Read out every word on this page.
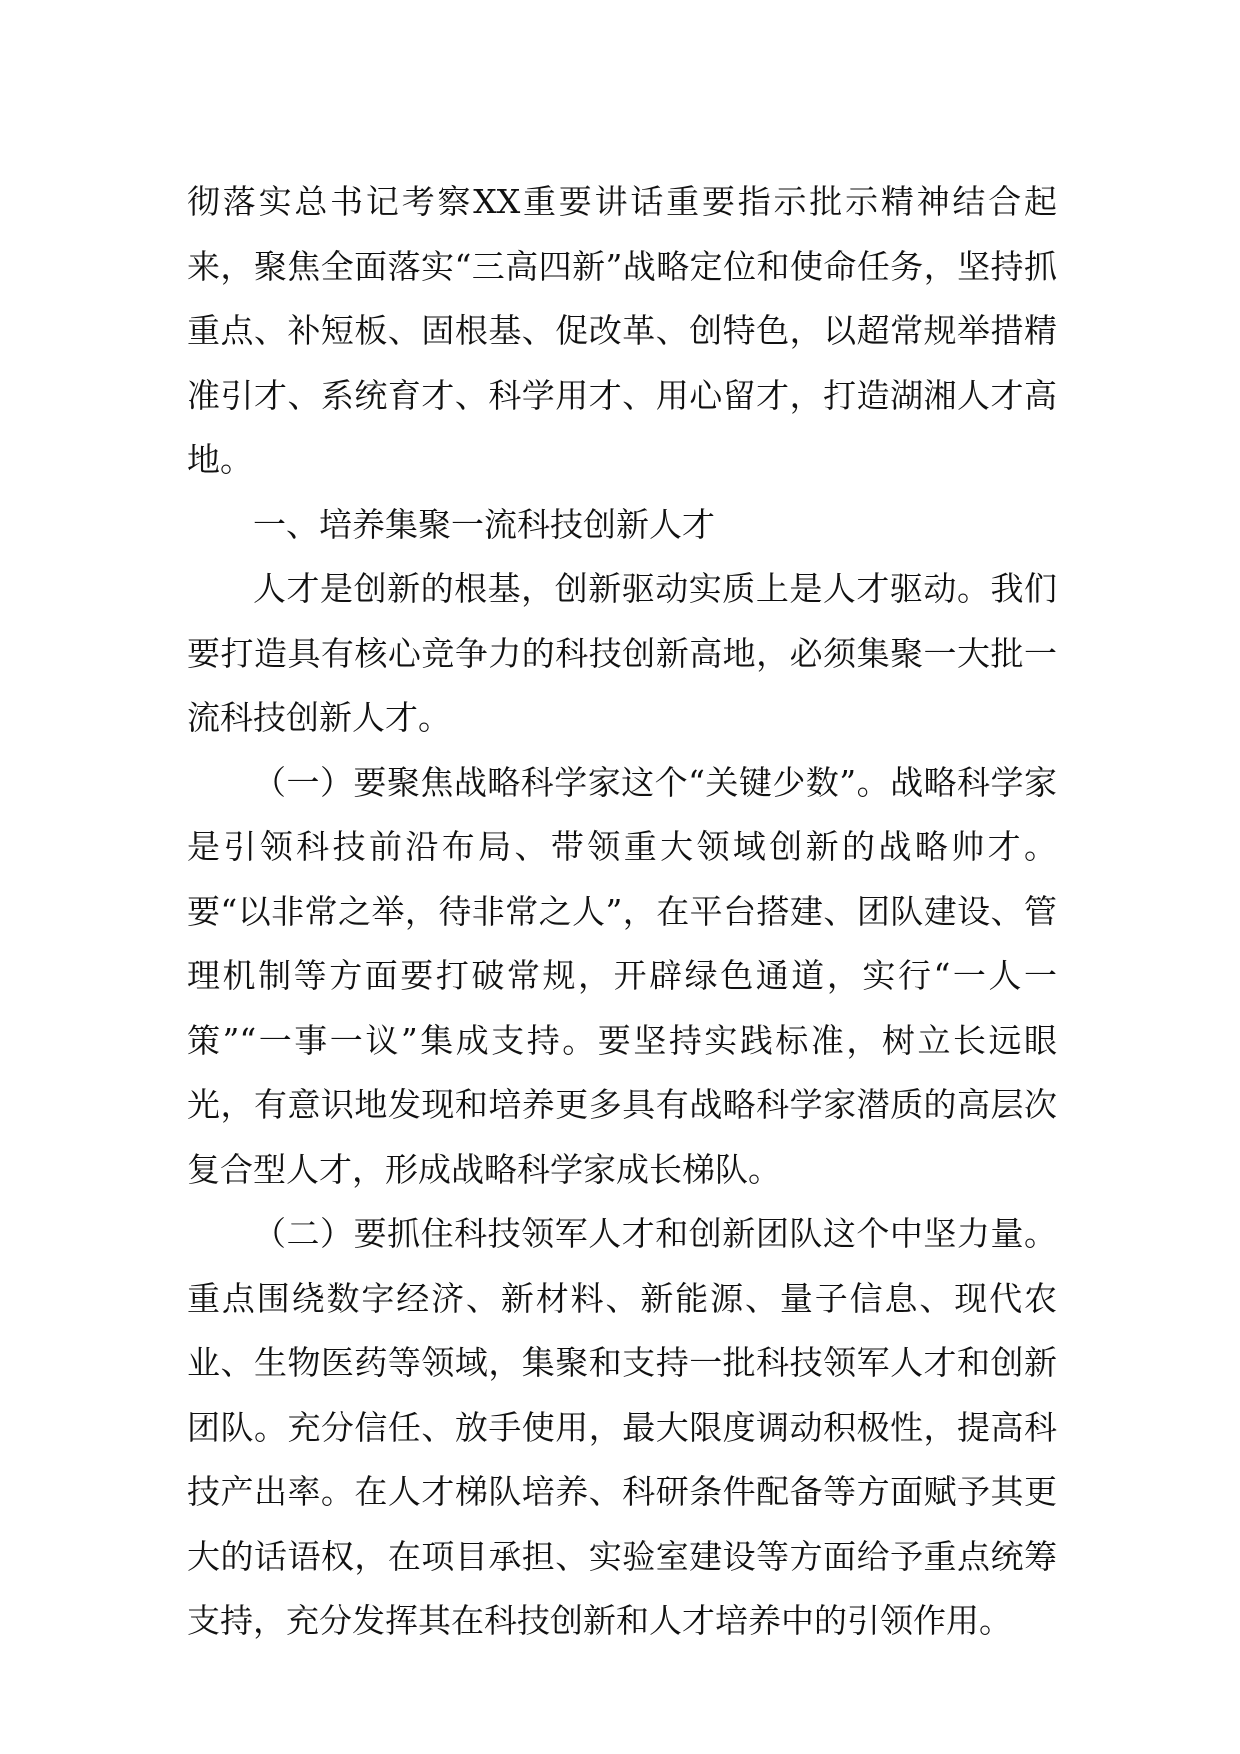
彻落实总书记考察XX重要讲话重要指示批示精神结合起来，聚焦全面落实“三高四新”战略定位和使命任务，坚持抓重点、补短板、固根基、促改革、创特色，以超常规举措精准引才、系统育才、科学用才、用心留才，打造湖湘人才高地。

一、培养集聚一流科技创新人才

人才是创新的根基，创新驱动实质上是人才驱动。我们要打造具有核心竞争力的科技创新高地，必须集聚一大批一流科技创新人才。

（一）要聚焦战略科学家这个“关键少数”。战略科学家是引领科技前沿布局、带领重大领域创新的战略帅才。要“以非常之举，待非常之人”，在平台搭建、团队建设、管理机制等方面要打破常规，开辟绿色通道，实行“一人一策”“一事一议”集成支持。要坚持实践标准，树立长远眼光，有意识地发现和培养更多具有战略科学家潜质的高层次复合型人才，形成战略科学家成长梯队。

（二）要抓住科技领军人才和创新团队这个中坚力量。重点围绕数字经济、新材料、新能源、量子信息、现代农业、生物医药等领域，集聚和支持一批科技领军人才和创新团队。充分信任、放手使用，最大限度调动积极性，提高科技产出率。在人才梯队培养、科研条件配备等方面赋予其更大的话语权，在项目承担、实验室建设等方面给予重点统筹支持，充分发挥其在科技创新和人才培养中的引领作用。
